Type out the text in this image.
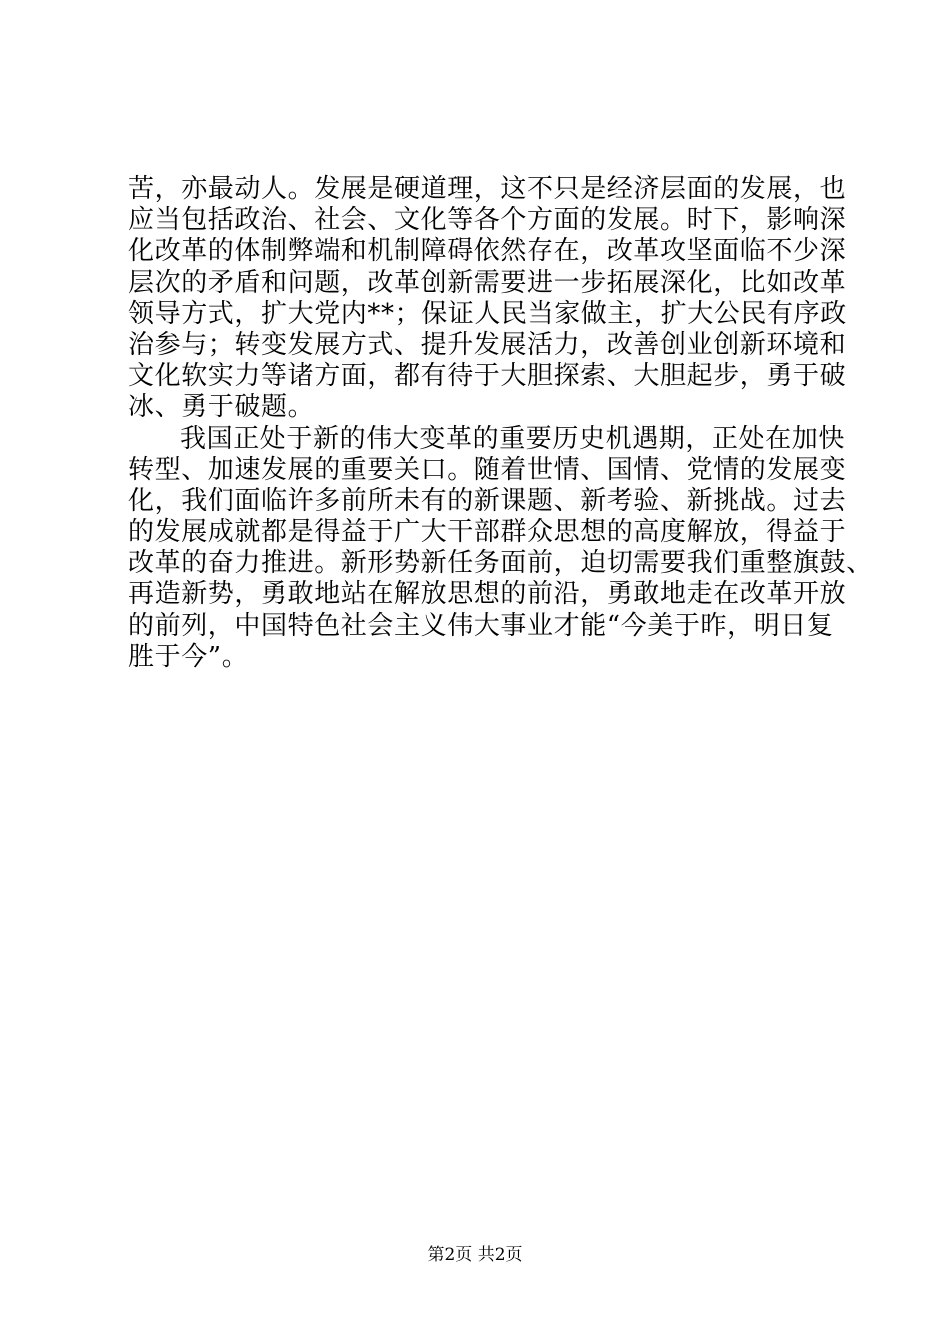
苦，亦最动人。发展是硬道理，这不只是经济层面的发展，也
应当包括政治、社会、文化等各个方面的发展。时下，影响深
化改革的体制弊端和机制障碍依然存在，改革攻坚面临不少深
层次的矛盾和问题，改革创新需要进一步拓展深化，比如改革
领导方式，扩大党内**；保证人民当家做主，扩大公民有序政
治参与；转变发展方式、提升发展活力，改善创业创新环境和
文化软实力等诸方面，都有待于大胆探索、大胆起步，勇于破
冰、勇于破题。
我国正处于新的伟大变革的重要历史机遇期，正处在加快
转型、加速发展的重要关口。随着世情、国情、党情的发展变
化，我们面临许多前所未有的新课题、新考验、新挑战。过去
的发展成就都是得益于广大干部群众思想的高度解放，得益于
改革的奋力推进。新形势新任务面前，迫切需要我们重整旗鼓、
再造新势，勇敢地站在解放思想的前沿，勇敢地走在改革开放
的前列，中国特色社会主义伟大事业才能“今美于昨，明日复
胜于今”。
第2页 共2页
